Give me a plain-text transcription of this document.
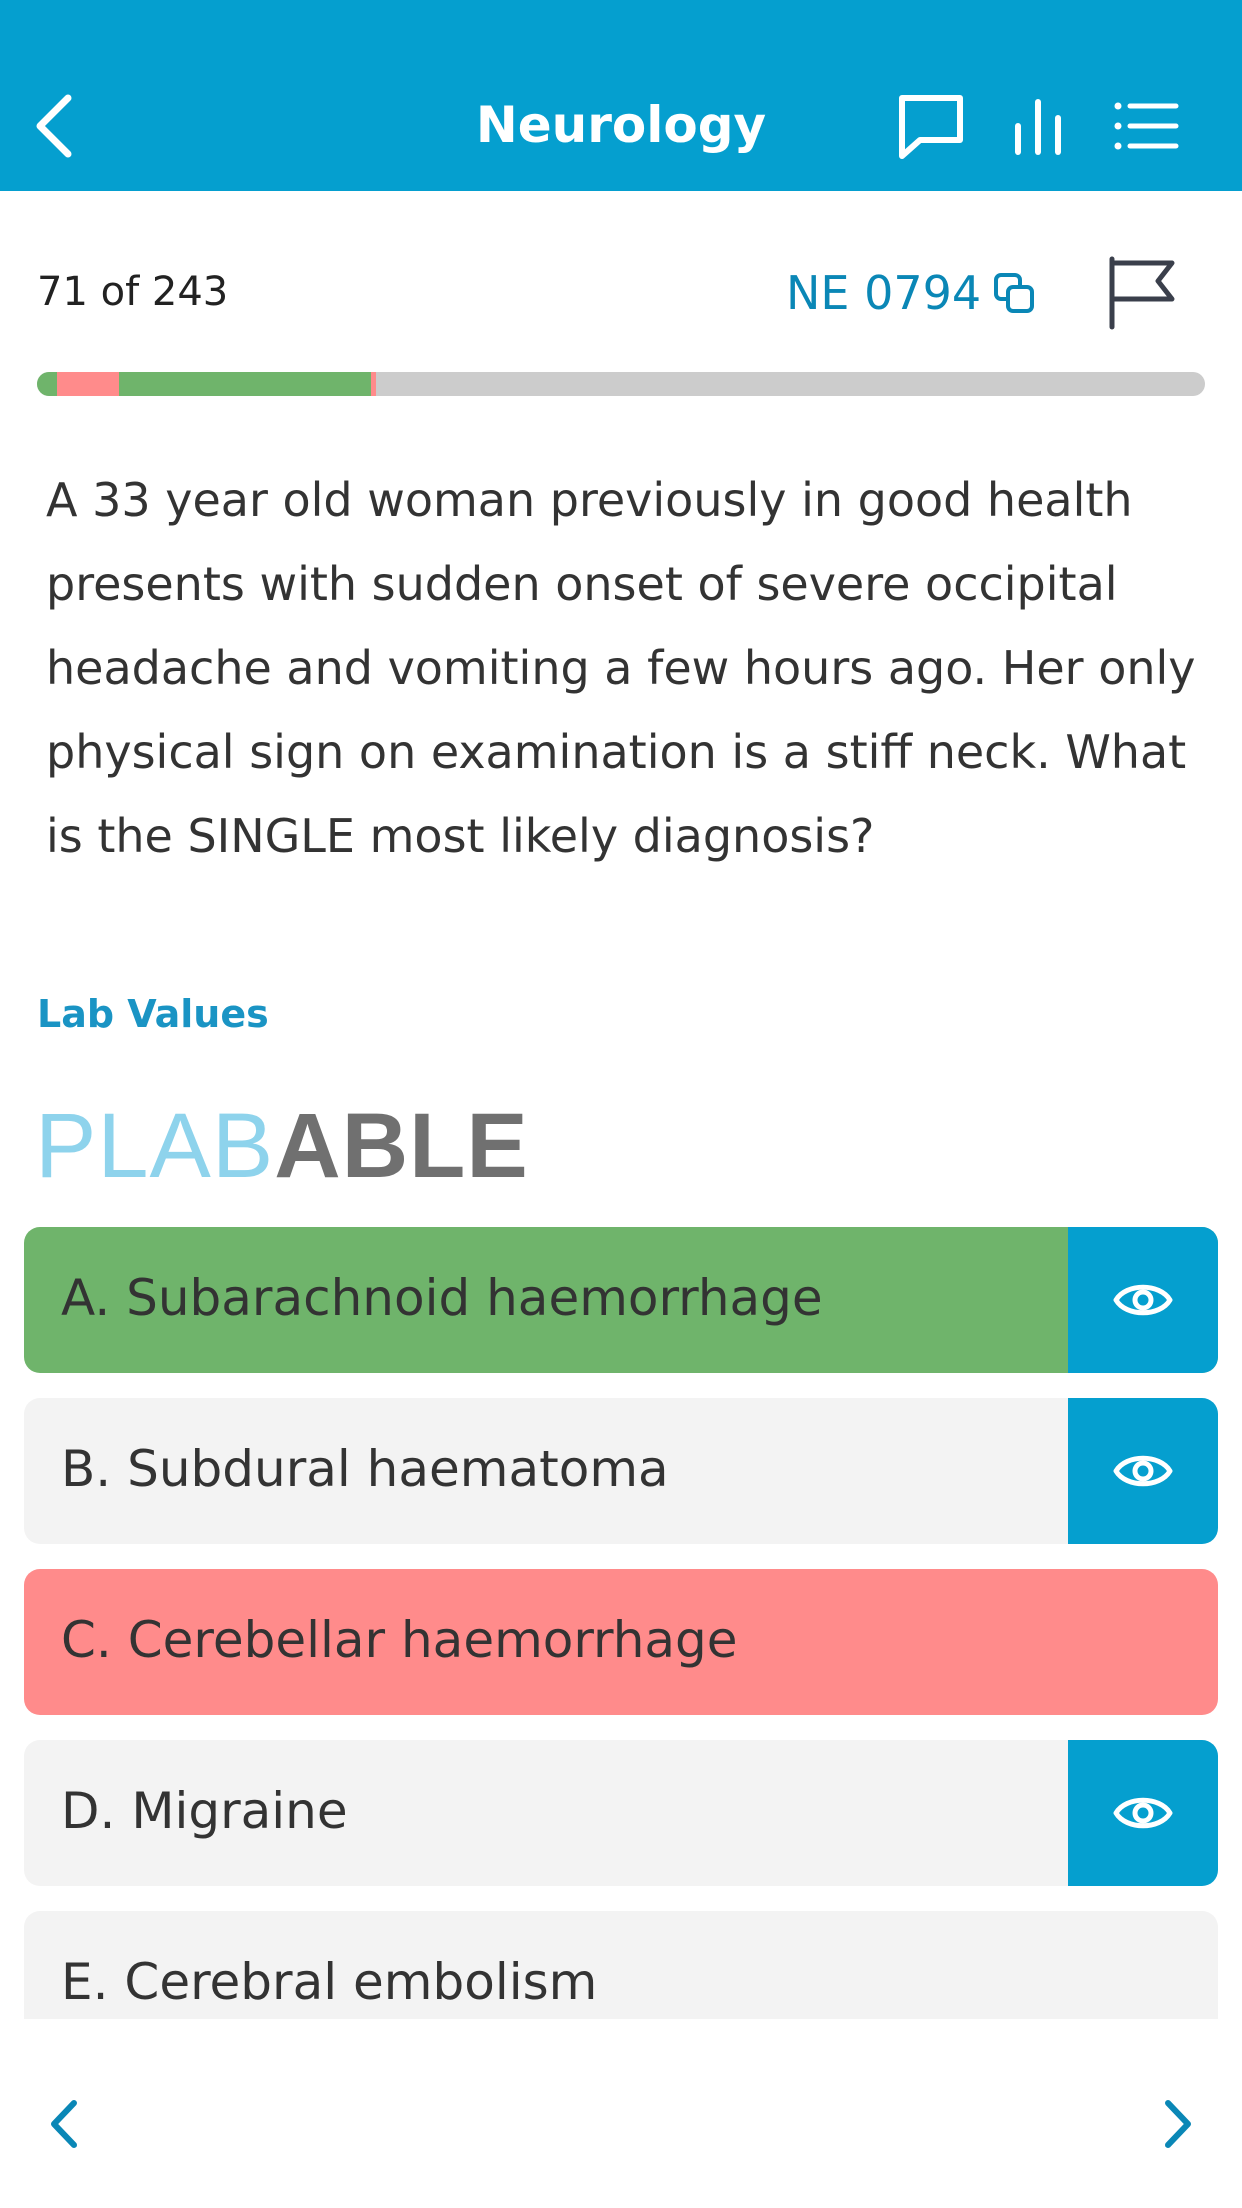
Neurology
71 of 243	NE 0794
A 33 year old woman previously in good health presents with sudden onset of severe occipital headache and vomiting a few hours ago. Her only physical sign on examination is a stiff neck. What is the SINGLE most likely diagnosis?
Lab Values
PLABABLE
A. Subarachnoid haemorrhage
B. Subdural haematoma
C. Cerebellar haemorrhage
D. Migraine
E. Cerebral embolism
